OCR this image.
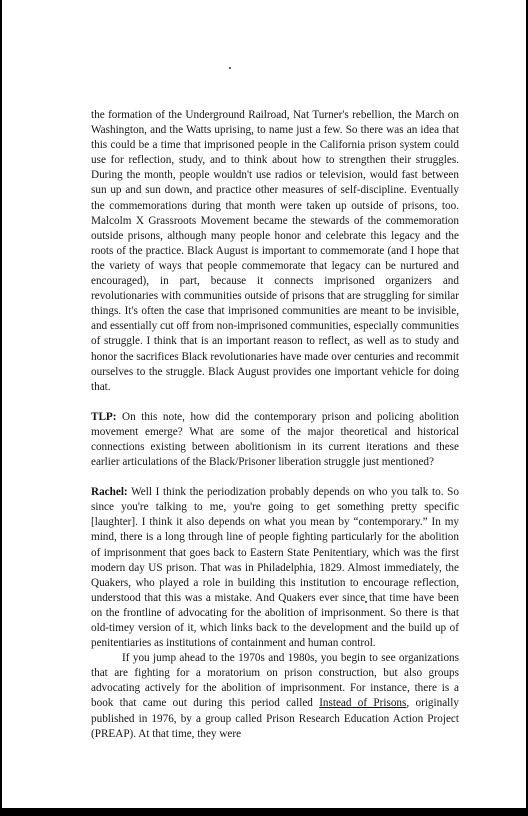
the formation of the Underground Railroad, Nat Turner's rebellion, the March on Washington, and the Watts uprising, to name just a few. So there was an idea that this could be a time that imprisoned people in the California prison system could use for reflection, study, and to think about how to strengthen their struggles. During the month, people wouldn't use radios or television, would fast between sun up and sun down, and practice other measures of self-discipline. Eventually the commemorations during that month were taken up outside of prisons, too. Malcolm X Grassroots Movement became the stewards of the commemoration outside prisons, although many people honor and celebrate this legacy and the roots of the practice. Black August is important to commemorate (and I hope that the variety of ways that people commemorate that legacy can be nurtured and encouraged), in part, because it connects imprisoned organizers and revolutionaries with communities outside of prisons that are struggling for similar things. It's often the case that imprisoned communities are meant to be invisible, and essentially cut off from non-imprisoned communities, especially communities of struggle. I think that is an important reason to reflect, as well as to study and honor the sacrifices Black revolutionaries have made over centuries and recommit ourselves to the struggle. Black August provides one important vehicle for doing that.

TLP: On this note, how did the contemporary prison and policing abolition movement emerge? What are some of the major theoretical and historical connections existing between abolitionism in its current iterations and these earlier articulations of the Black/Prisoner liberation struggle just mentioned?

Rachel: Well I think the periodization probably depends on who you talk to. So since you're talking to me, you're going to get something pretty specific [laughter]. I think it also depends on what you mean by “contemporary.” In my mind, there is a long through line of people fighting particularly for the abolition of imprisonment that goes back to Eastern State Penitentiary, which was the first modern day US prison. That was in Philadelphia, 1829. Almost immediately, the Quakers, who played a role in building this institution to encourage reflection, understood that this was a mistake. And Quakers ever since that time have been on the frontline of advocating for the abolition of imprisonment. So there is that old-timey version of it, which links back to the development and the build up of penitentiaries as institutions of containment and human control.

If you jump ahead to the 1970s and 1980s, you begin to see organizations that are fighting for a moratorium on prison construction, but also groups advocating actively for the abolition of imprisonment. For instance, there is a book that came out during this period called Instead of Prisons, originally published in 1976, by a group called Prison Research Education Action Project (PREAP). At that time, they were
